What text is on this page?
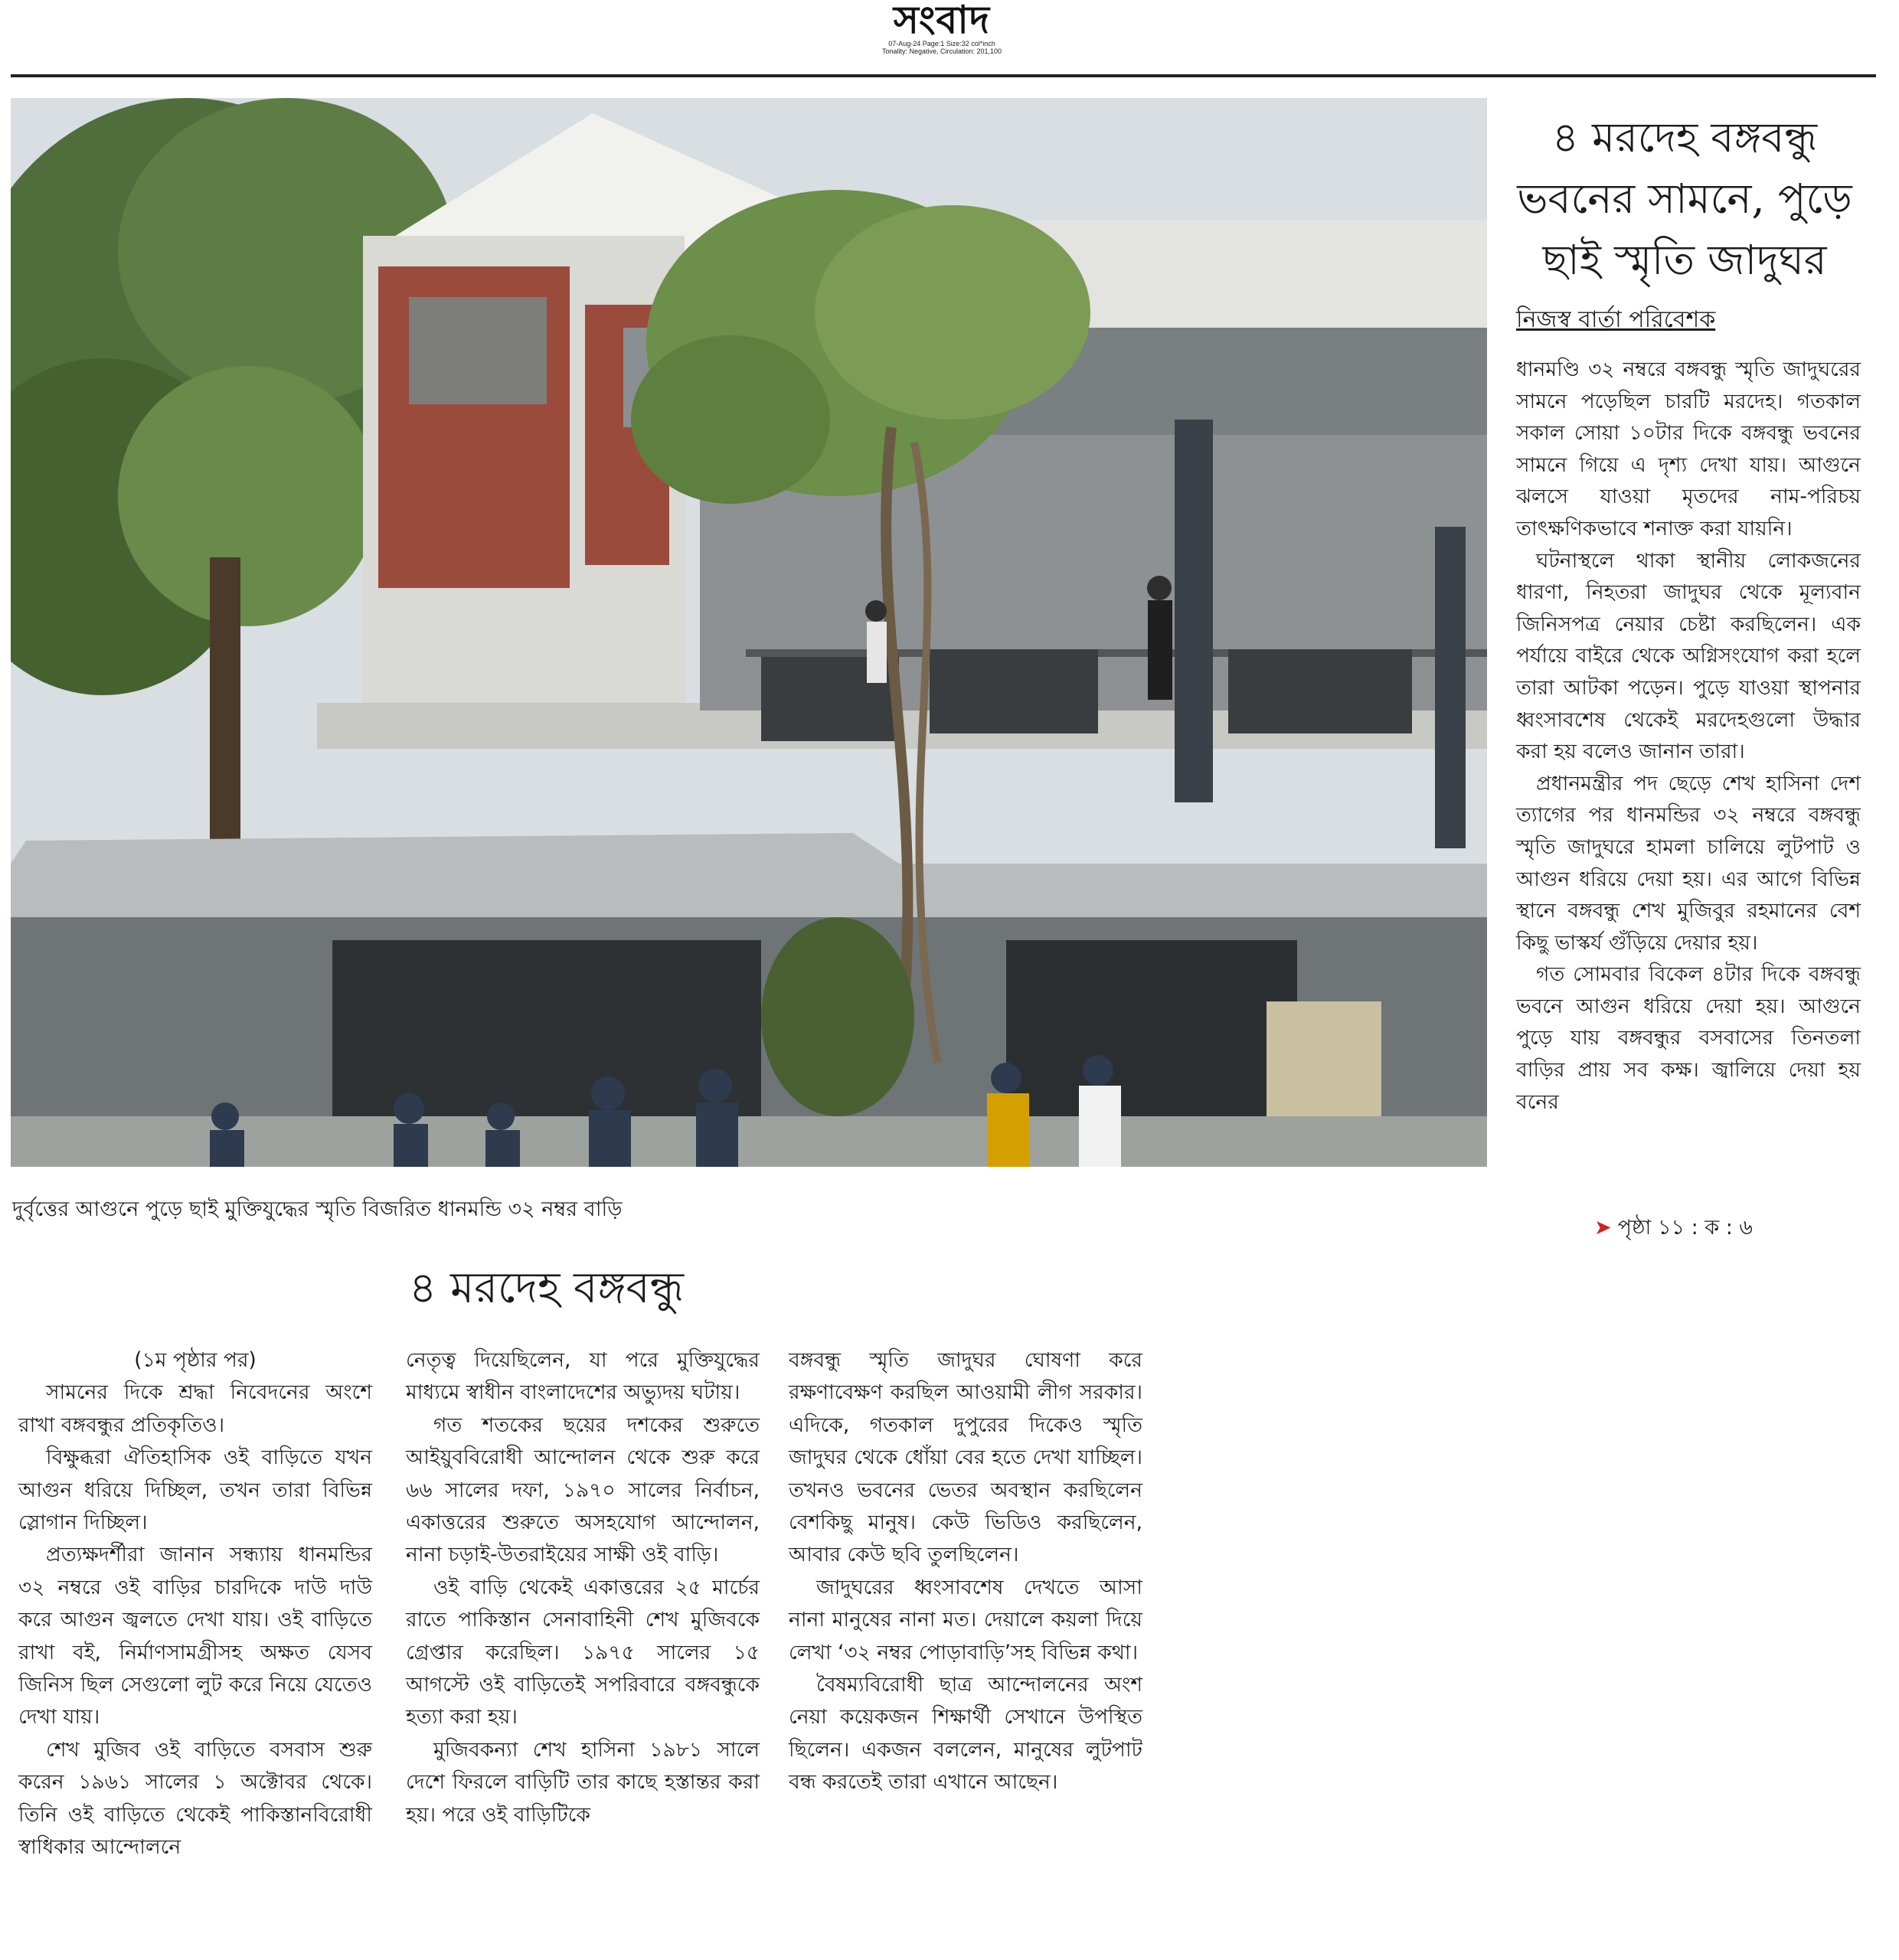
সংবাদ
07-Aug-24 Page:1 Size:32 col*inch
Tonality: Negative, Circulation: 201,100
দুর্বৃত্তের আগুনে পুড়ে ছাই মুক্তিযুদ্ধের স্মৃতি বিজরিত ধানমন্ডি ৩২ নম্বর বাড়ি
৪ মরদেহ বঙ্গবন্ধু
ভবনের সামনে, পুড়ে
ছাই স্মৃতি জাদুঘর
নিজস্ব বার্তা পরিবেশক

ধানমণ্ডি ৩২ নম্বরে বঙ্গবন্ধু স্মৃতি জাদুঘরের সামনে পড়েছিল চারটি মরদেহ। গতকাল সকাল সোয়া ১০টার দিকে বঙ্গবন্ধু ভবনের সামনে গিয়ে এ দৃশ্য দেখা যায়। আগুনে ঝলসে যাওয়া মৃতদের নাম-পরিচয় তাৎক্ষণিকভাবে শনাক্ত করা যায়নি।

ঘটনাস্থলে থাকা স্থানীয় লোকজনের ধারণা, নিহতরা জাদুঘর থেকে মূল্যবান জিনিসপত্র নেয়ার চেষ্টা করছিলেন। এক পর্যায়ে বাইরে থেকে অগ্নিসংযোগ করা হলে তারা আটকা পড়েন। পুড়ে যাওয়া স্থাপনার ধ্বংসাবশেষ থেকেই মরদেহগুলো উদ্ধার করা হয় বলেও জানান তারা।

প্রধানমন্ত্রীর পদ ছেড়ে শেখ হাসিনা দেশ ত্যাগের পর ধানমন্ডির ৩২ নম্বরে বঙ্গবন্ধু স্মৃতি জাদুঘরে হামলা চালিয়ে লুটপাট ও আগুন ধরিয়ে দেয়া হয়। এর আগে বিভিন্ন স্থানে বঙ্গবন্ধু শেখ মুজিবুর রহমানের বেশ কিছু ভাস্কর্য গুঁড়িয়ে দেয়ার হয়।

গত সোমবার বিকেল ৪টার দিকে বঙ্গবন্ধু ভবনে আগুন ধরিয়ে দেয়া হয়। আগুনে পুড়ে যায় বঙ্গবন্ধুর বসবাসের তিনতলা বাড়ির প্রায় সব কক্ষ। জ্বালিয়ে দেয়া হয় বনের

➤ পৃষ্ঠা ১১ : ক : ৬
৪ মরদেহ বঙ্গবন্ধু

(১ম পৃষ্ঠার পর)

সামনের দিকে শ্রদ্ধা নিবেদনের অংশে রাখা বঙ্গবন্ধুর প্রতিকৃতিও।

বিক্ষুব্ধরা ঐতিহাসিক ওই বাড়িতে যখন আগুন ধরিয়ে দিচ্ছিল, তখন তারা বিভিন্ন স্লোগান দিচ্ছিল।

প্রত্যক্ষদর্শীরা জানান সন্ধ্যায় ধানমন্ডির ৩২ নম্বরে ওই বাড়ির চারদিকে দাউ দাউ করে আগুন জ্বলতে দেখা যায়। ওই বাড়িতে রাখা বই, নির্মাণসামগ্রীসহ অক্ষত যেসব জিনিস ছিল সেগুলো লুট করে নিয়ে যেতেও দেখা যায়।

শেখ মুজিব ওই বাড়িতে বসবাস শুরু করেন ১৯৬১ সালের ১ অক্টোবর থেকে। তিনি ওই বাড়িতে থেকেই পাকিস্তানবিরোধী স্বাধিকার আন্দোলনে

নেতৃত্ব দিয়েছিলেন, যা পরে মুক্তিযুদ্ধের মাধ্যমে স্বাধীন বাংলাদেশের অভ্যুদয় ঘটায়।

গত শতকের ছয়ের দশকের শুরুতে আইয়ুববিরোধী আন্দোলন থেকে শুরু করে ৬৬ সালের দফা, ১৯৭০ সালের নির্বাচন, একাত্তরের শুরুতে অসহযোগ আন্দোলন, নানা চড়াই-উতরাইয়ের সাক্ষী ওই বাড়ি।

ওই বাড়ি থেকেই একাত্তরের ২৫ মার্চের রাতে পাকিস্তান সেনাবাহিনী শেখ মুজিবকে গ্রেপ্তার করেছিল। ১৯৭৫ সালের ১৫ আগস্টে ওই বাড়িতেই সপরিবারে বঙ্গবন্ধুকে হত্যা করা হয়।

মুজিবকন্যা শেখ হাসিনা ১৯৮১ সালে দেশে ফিরলে বাড়িটি তার কাছে হস্তান্তর করা হয়। পরে ওই বাড়িটিকে

বঙ্গবন্ধু স্মৃতি জাদুঘর ঘোষণা করে রক্ষণাবেক্ষণ করছিল আওয়ামী লীগ সরকার। এদিকে, গতকাল দুপুরের দিকেও স্মৃতি জাদুঘর থেকে ধোঁয়া বের হতে দেখা যাচ্ছিল। তখনও ভবনের ভেতর অবস্থান করছিলেন বেশকিছু মানুষ। কেউ ভিডিও করছিলেন, আবার কেউ ছবি তুলছিলেন।

জাদুঘরের ধ্বংসাবশেষ দেখতে আসা নানা মানুষের নানা মত। দেয়ালে কয়লা দিয়ে লেখা ‘৩২ নম্বর পোড়াবাড়ি’সহ বিভিন্ন কথা।

বৈষম্যবিরোধী ছাত্র আন্দোলনের অংশ নেয়া কয়েকজন শিক্ষার্থী সেখানে উপস্থিত ছিলেন। একজন বললেন, মানুষের লুটপাট বন্ধ করতেই তারা এখানে আছেন।
